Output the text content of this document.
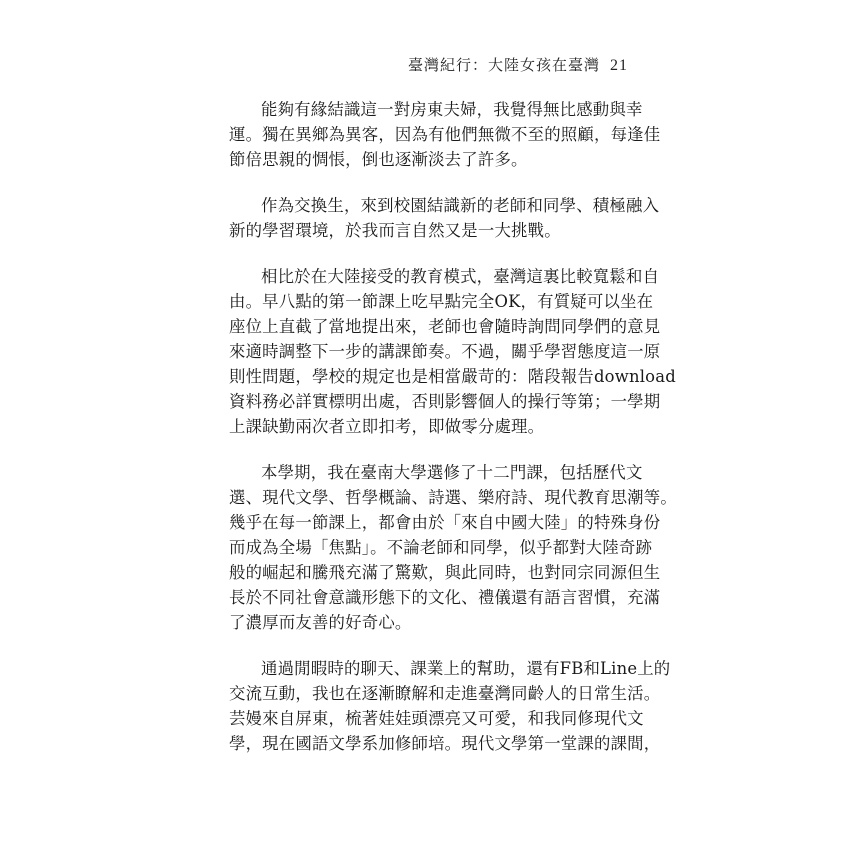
臺灣紀行：大陸女孩在臺灣 21
能夠有緣結識這一對房東夫婦，我覺得無比感動與幸
運。獨在異鄉為異客，因為有他們無微不至的照顧，每逢佳
節倍思親的惆悵，倒也逐漸淡去了許多。
作為交換生，來到校園結識新的老師和同學、積極融入
新的學習環境，於我而言自然又是一大挑戰。
相比於在大陸接受的教育模式，臺灣這裏比較寬鬆和自
由。早八點的第一節課上吃早點完全OK，有質疑可以坐在
座位上直截了當地提出來，老師也會隨時詢問同學們的意見
來適時調整下一步的講課節奏。不過，關乎學習態度這一原
則性問題，學校的規定也是相當嚴苛的：階段報告download
資料務必詳實標明出處，否則影響個人的操行等第；一學期
上課缺勤兩次者立即扣考，即做零分處理。
本學期，我在臺南大學選修了十二門課，包括歷代文
選、現代文學、哲學概論、詩選、樂府詩、現代教育思潮等。
幾乎在每一節課上，都會由於「來自中國大陸」的特殊身份
而成為全場「焦點」。不論老師和同學，似乎都對大陸奇跡
般的崛起和騰飛充滿了驚歎，與此同時，也對同宗同源但生
長於不同社會意識形態下的文化、禮儀還有語言習慣，充滿
了濃厚而友善的好奇心。
通過閒暇時的聊天、課業上的幫助，還有FB和Line上的
交流互動，我也在逐漸瞭解和走進臺灣同齡人的日常生活。
芸嫚來自屏東，梳著娃娃頭漂亮又可愛，和我同修現代文
學，現在國語文學系加修師培。現代文學第一堂課的課間，
